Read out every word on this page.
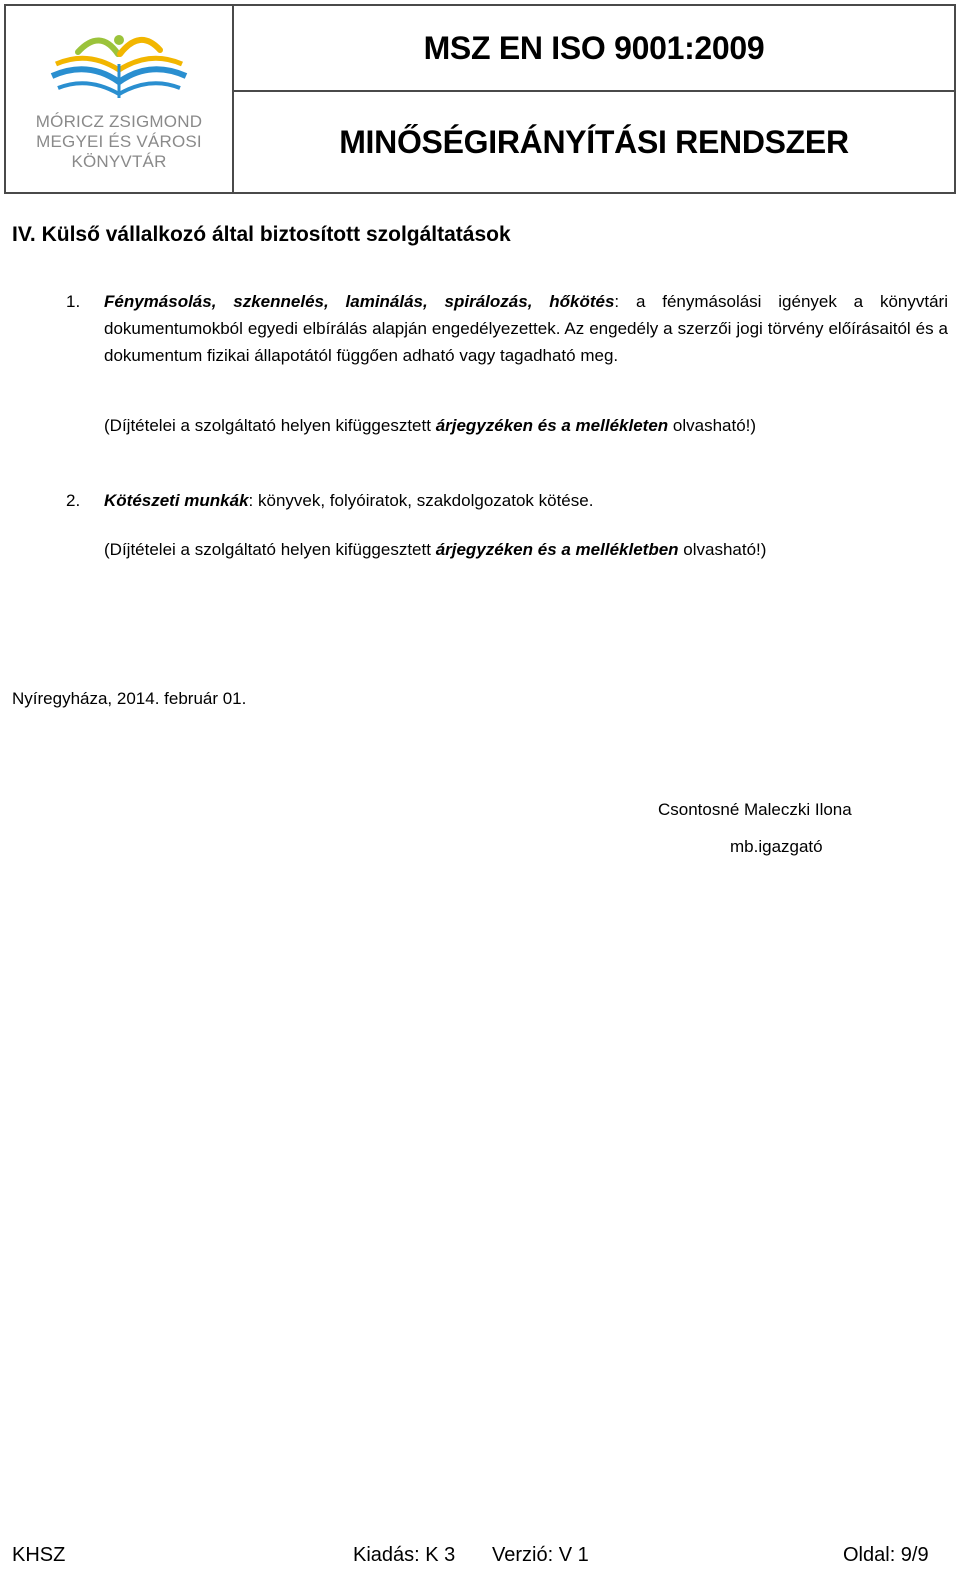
MÓRICZ ZSIGMOND
MEGYEI ÉS VÁROSI
KÖNYVTÁR
MSZ EN ISO 9001:2009
MINŐSÉGIRÁNYÍTÁSI RENDSZER
IV. Külső vállalkozó által biztosított szolgáltatások
1. Fénymásolás, szkennelés, laminálás, spirálozás, hőkötés: a fénymásolási igények a könyvtári dokumentumokból egyedi elbírálás alapján engedélyezettek. Az engedély a szerzői jogi törvény előírásaitól és a dokumentum fizikai állapotától függően adható vagy tagadható meg.
(Díjtételei a szolgáltató helyen kifüggesztett árjegyzéken és a mellékleten olvasható!)
2. Kötészeti munkák: könyvek, folyóiratok, szakdolgozatok kötése.
(Díjtételei a szolgáltató helyen kifüggesztett árjegyzéken és a mellékletben olvasható!)
Nyíregyháza, 2014. február 01.
Csontosné Maleczki Ilona
mb.igazgató
KHSZ	Kiadás: K 3 Verzió: V 1	Oldal: 9/9
